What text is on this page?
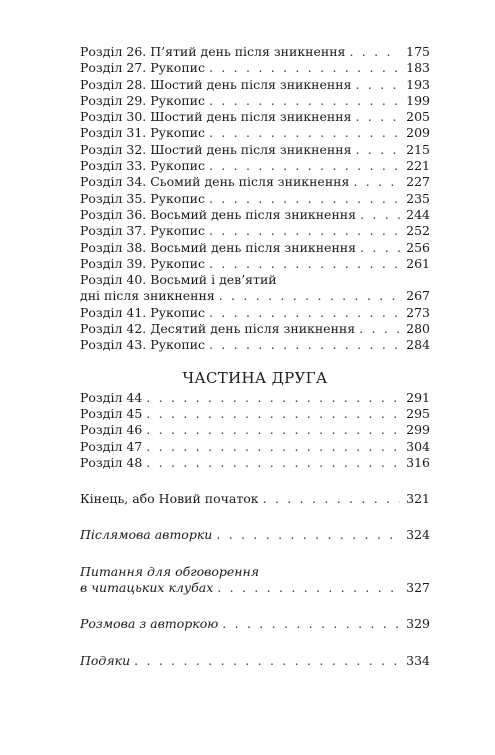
Розділ 26. П’ятий день після зникнення . . .	175
Розділ 27. Рукопис . . .	183
Розділ 28. Шостий день після зникнення . . .	193
Розділ 29. Рукопис . . .	199
Розділ 30. Шостий день після зникнення . . .	205
Розділ 31. Рукопис . . .	209
Розділ 32. Шостий день після зникнення . . .	215
Розділ 33. Рукопис . . .	221
Розділ 34. Сьомий день після зникнення . . .	227
Розділ 35. Рукопис . . .	235
Розділ 36. Восьмий день після зникнення . . .	244
Розділ 37. Рукопис . . .	252
Розділ 38. Восьмий день після зникнення . . .	256
Розділ 39. Рукопис . . .	261
Розділ 40. Восьмий і дев’ятий
дні після зникнення . . .	267
Розділ 41. Рукопис . . .	273
Розділ 42. Десятий день після зникнення . . .	280
Розділ 43. Рукопис . . .	284
ЧАСТИНА ДРУГА
Розділ 44 . . .	291
Розділ 45 . . .	295
Розділ 46 . . .	299
Розділ 47 . . .	304
Розділ 48 . . .	316
Кінець, або Новий початок . . .	321
Післямова авторки . . .	324
Питання для обговорення
в читацьких клубах . . .	327
Розмова з авторкою . . .	329
Подяки . . .	334
